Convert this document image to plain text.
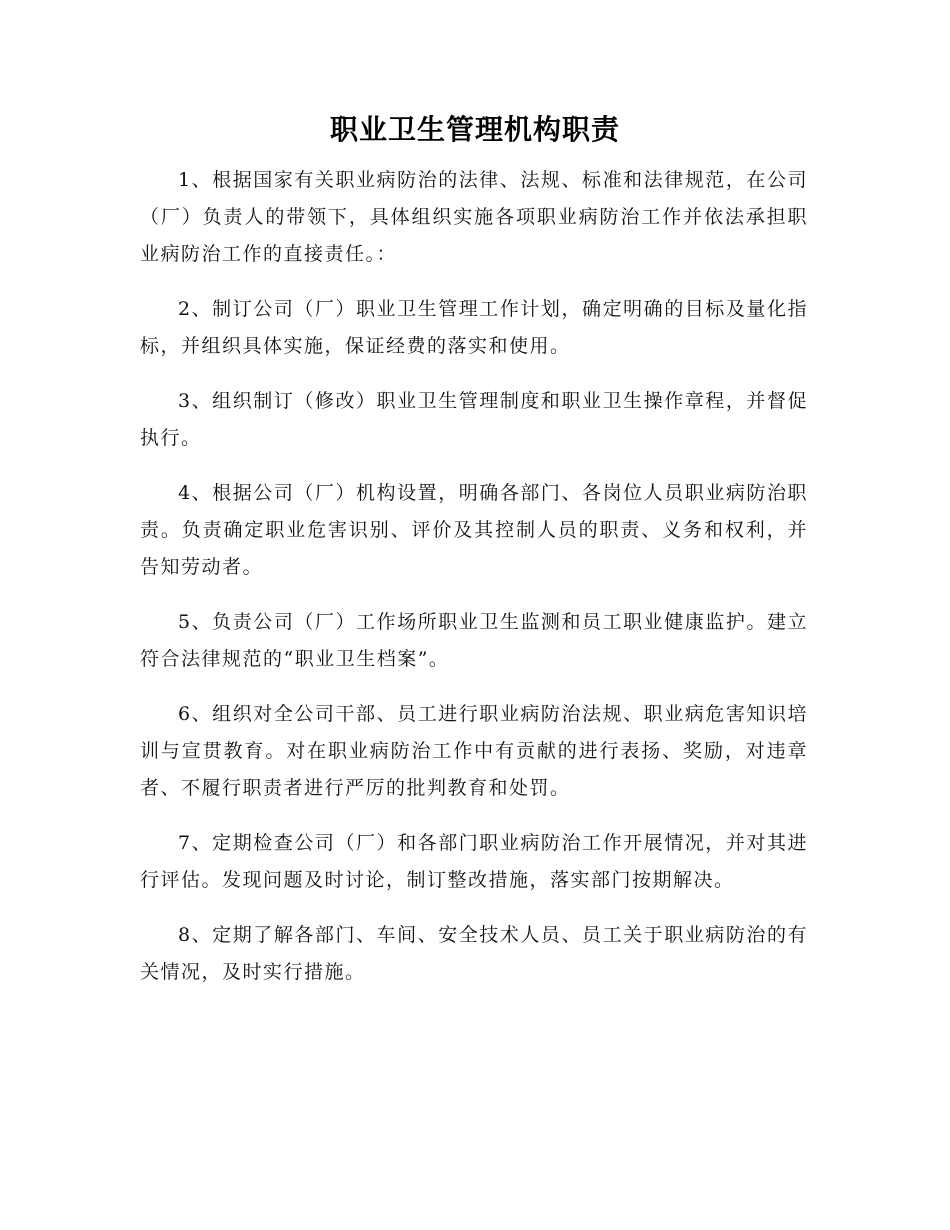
职业卫生管理机构职责

1、根据国家有关职业病防治的法律、法规、标准和法律规范，在公司（厂）负责人的带领下，具体组织实施各项职业病防治工作并依法承担职业病防治工作的直接责任。：

2、制订公司（厂）职业卫生管理工作计划，确定明确的目标及量化指标，并组织具体实施，保证经费的落实和使用。

3、组织制订（修改）职业卫生管理制度和职业卫生操作章程，并督促执行。

4、根据公司（厂）机构设置，明确各部门、各岗位人员职业病防治职责。负责确定职业危害识别、评价及其控制人员的职责、义务和权利，并告知劳动者。

5、负责公司（厂）工作场所职业卫生监测和员工职业健康监护。建立符合法律规范的“职业卫生档案”。

6、组织对全公司干部、员工进行职业病防治法规、职业病危害知识培训与宣贯教育。对在职业病防治工作中有贡献的进行表扬、奖励，对违章者、不履行职责者进行严厉的批判教育和处罚。

7、定期检查公司（厂）和各部门职业病防治工作开展情况，并对其进行评估。发现问题及时讨论，制订整改措施，落实部门按期解决。

8、定期了解各部门、车间、安全技术人员、员工关于职业病防治的有关情况，及时实行措施。
